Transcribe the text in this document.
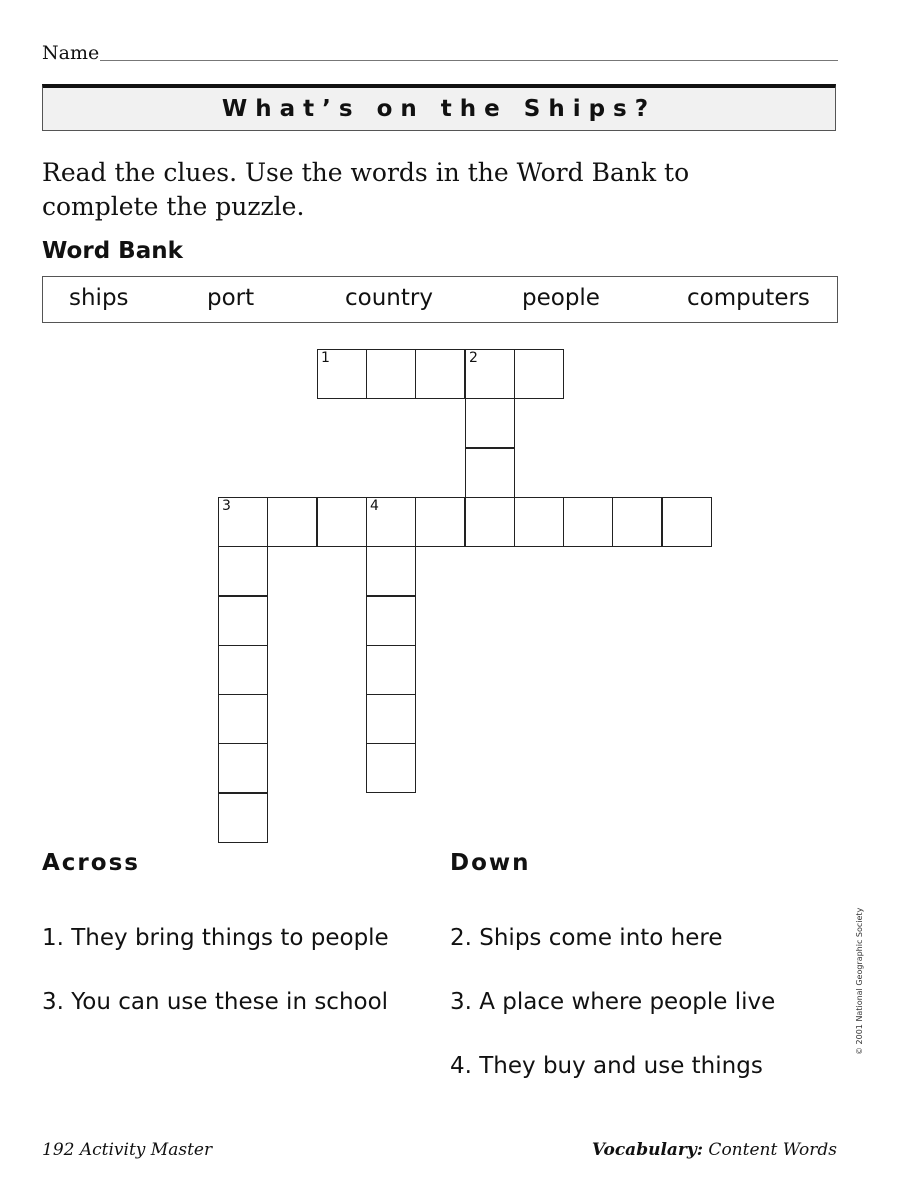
Name
What’s on the Ships?
Read the clues. Use the words in the Word Bank to complete the puzzle.
Word Bank
ships	port	country	people	computers
1	2
3	4
Across	Down
1. They bring things to people
3. You can use these in school
2. Ships come into here
3. A place where people live
4. They buy and use things
© 2001 National Geographic Society
192 Activity Master	Vocabulary: Content Words
